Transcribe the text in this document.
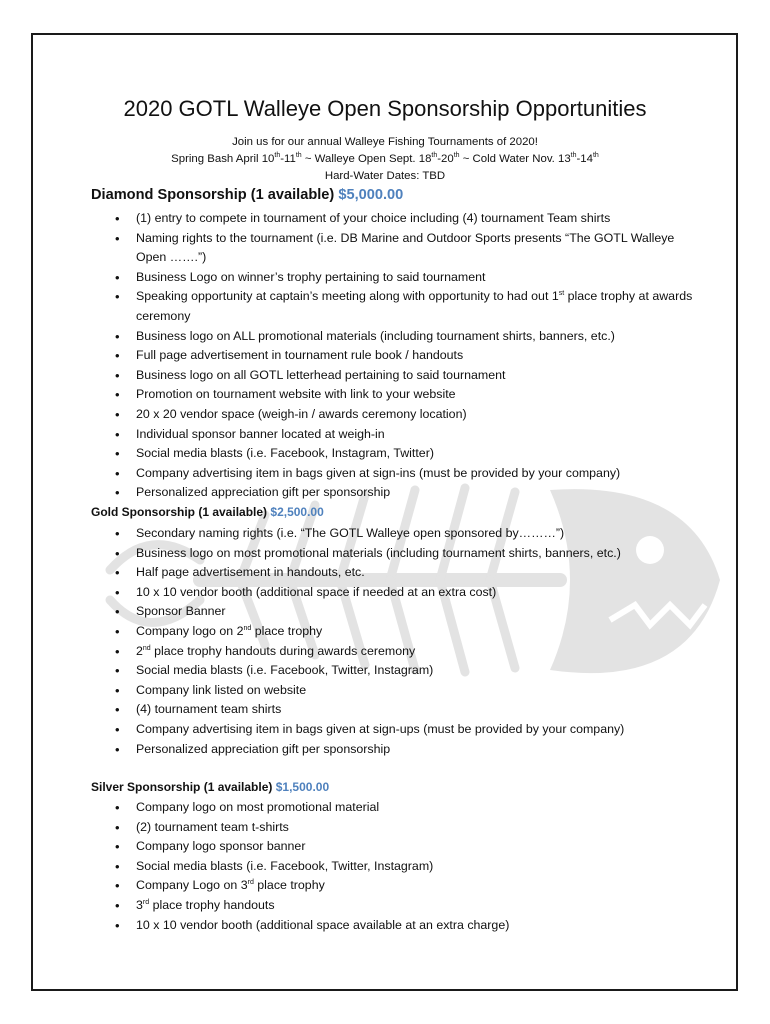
2020 GOTL Walleye Open Sponsorship Opportunities
Join us for our annual Walleye Fishing Tournaments of 2020!
Spring Bash April 10th-11th ~ Walleye Open Sept. 18th-20th ~ Cold Water Nov. 13th-14th
Hard-Water Dates: TBD
Diamond Sponsorship (1 available) $5,000.00
• (1) entry to compete in tournament of your choice including (4) tournament Team shirts
• Naming rights to the tournament (i.e. DB Marine and Outdoor Sports presents “The GOTL Walleye Open …….”)
• Business Logo on winner’s trophy pertaining to said tournament
• Speaking opportunity at captain’s meeting along with opportunity to had out 1st place trophy at awards ceremony
• Business logo on ALL promotional materials (including tournament shirts, banners, etc.)
• Full page advertisement in tournament rule book / handouts
• Business logo on all GOTL letterhead pertaining to said tournament
• Promotion on tournament website with link to your website
• 20 x 20 vendor space (weigh-in / awards ceremony location)
• Individual sponsor banner located at weigh-in
• Social media blasts (i.e. Facebook, Instagram, Twitter)
• Company advertising item in bags given at sign-ins (must be provided by your company)
• Personalized appreciation gift per sponsorship
Gold Sponsorship (1 available) $2,500.00
• Secondary naming rights (i.e. “The GOTL Walleye open sponsored by………”)
• Business logo on most promotional materials (including tournament shirts, banners, etc.)
• Half page advertisement in handouts, etc.
• 10 x 10 vendor booth (additional space if needed at an extra cost)
• Sponsor Banner
• Company logo on 2nd place trophy
• 2nd place trophy handouts during awards ceremony
• Social media blasts (i.e. Facebook, Twitter, Instagram)
• Company link listed on website
• (4) tournament team shirts
• Company advertising item in bags given at sign-ups (must be provided by your company)
• Personalized appreciation gift per sponsorship
Silver Sponsorship (1 available) $1,500.00
• Company logo on most promotional material
• (2) tournament team t-shirts
• Company logo sponsor banner
• Social media blasts (i.e. Facebook, Twitter, Instagram)
• Company Logo on 3rd place trophy
• 3rd place trophy handouts
• 10 x 10 vendor booth (additional space available at an extra charge)
